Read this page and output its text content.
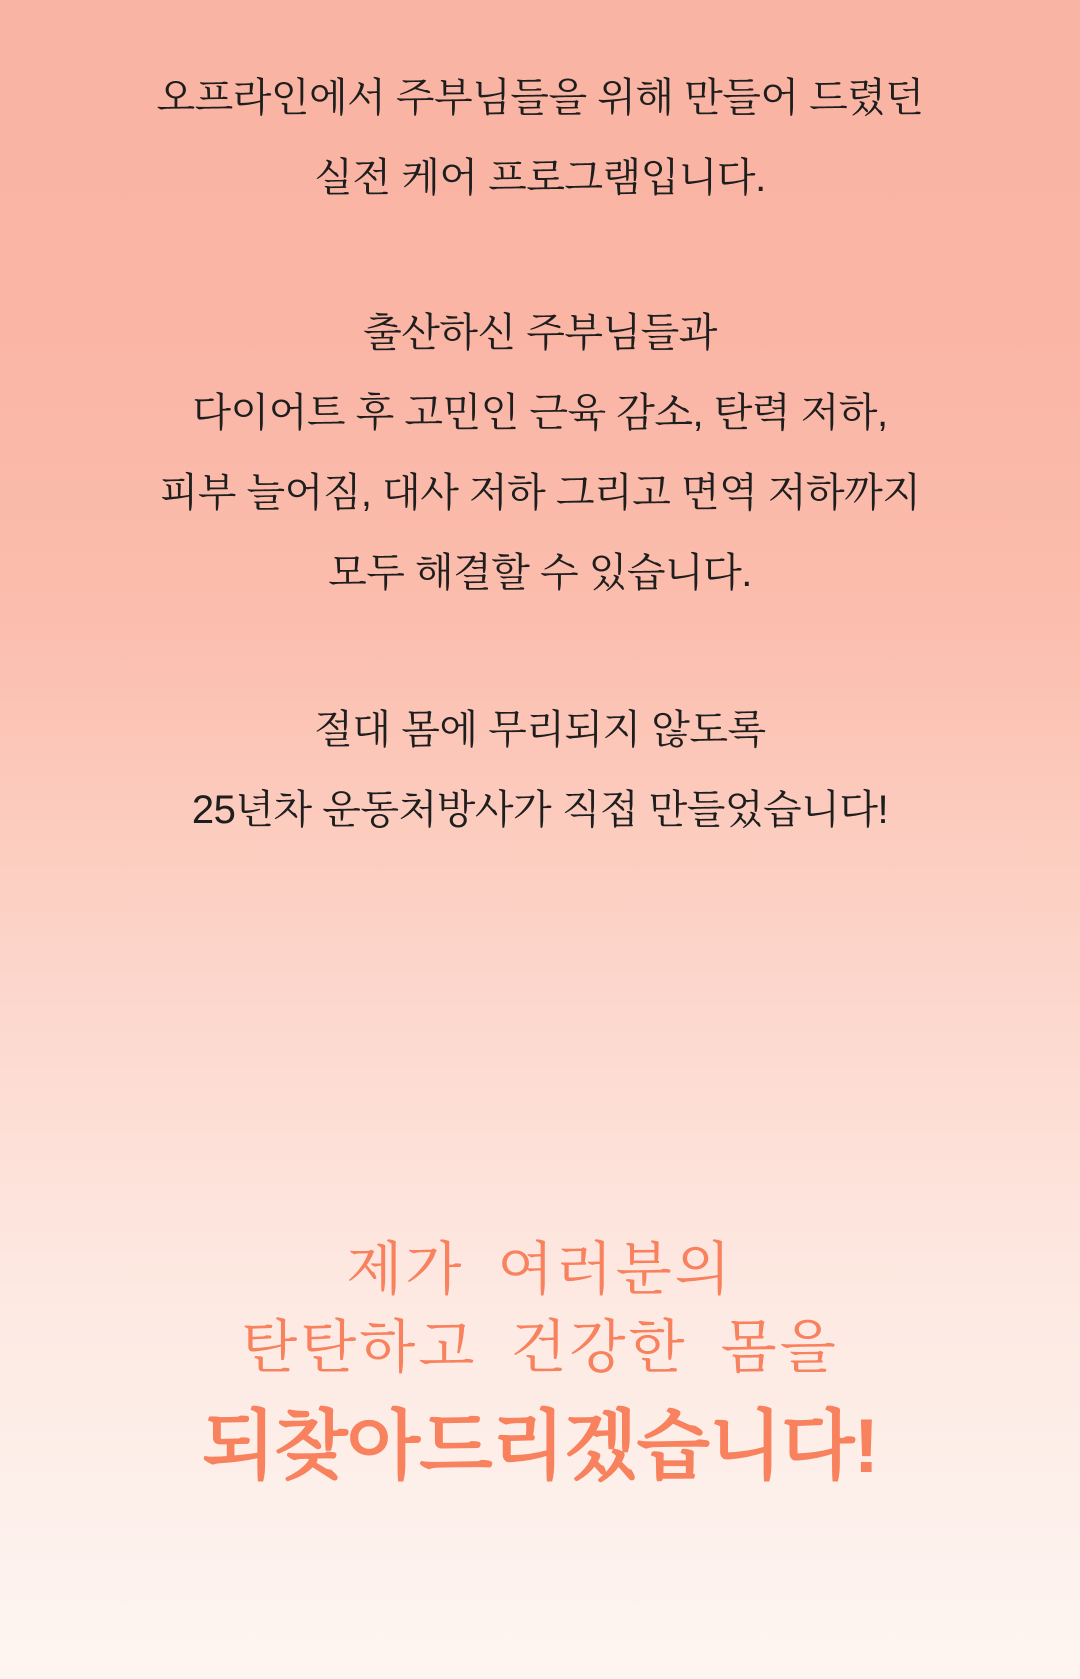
오프라인에서 주부님들을 위해 만들어 드렸던
실전 케어 프로그램입니다.
출산하신 주부님들과
다이어트 후 고민인 근육 감소, 탄력 저하,
피부 늘어짐, 대사 저하 그리고 면역 저하까지
모두 해결할 수 있습니다.
절대 몸에 무리되지 않도록
25년차 운동처방사가 직접 만들었습니다!
제가 여러분의
탄탄하고 건강한 몸을
되찾아드리겠습니다!
